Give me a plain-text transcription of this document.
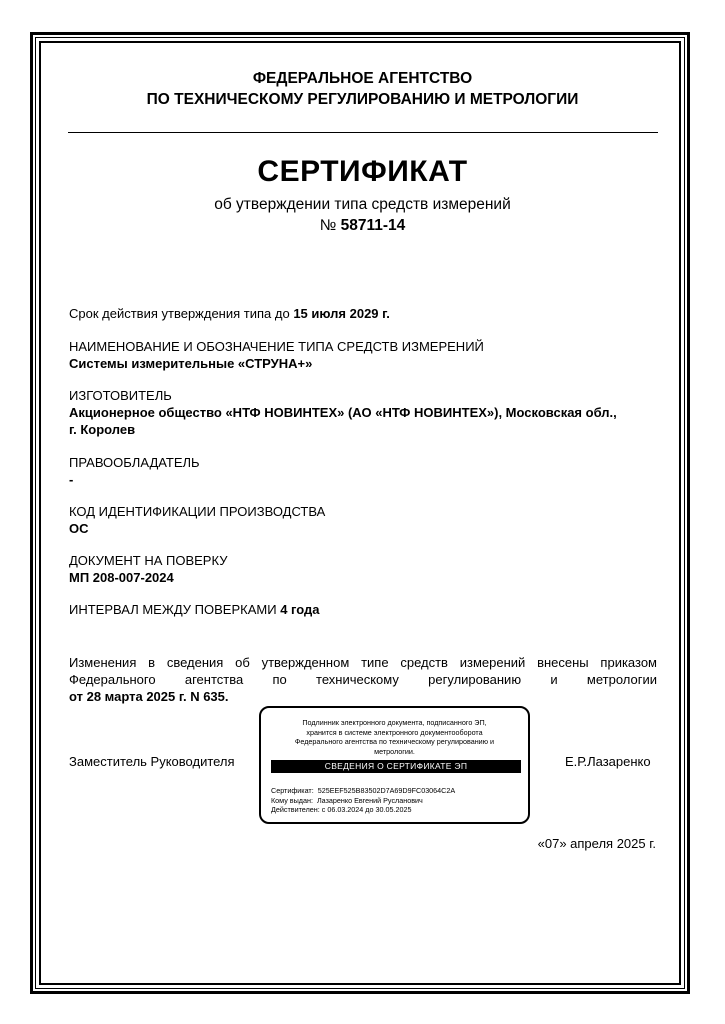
ФЕДЕРАЛЬНОЕ АГЕНТСТВО
ПО ТЕХНИЧЕСКОМУ РЕГУЛИРОВАНИЮ И МЕТРОЛОГИИ
СЕРТИФИКАТ
об утверждении типа средств измерений
№ 58711-14
Срок действия утверждения типа до 15 июля 2029 г.
НАИМЕНОВАНИЕ И ОБОЗНАЧЕНИЕ ТИПА СРЕДСТВ ИЗМЕРЕНИЙ
Системы измерительные «СТРУНА+»
ИЗГОТОВИТЕЛЬ
Акционерное общество «НТФ НОВИНТЕХ» (АО «НТФ НОВИНТЕХ»), Московская обл.,
г. Королев
ПРАВООБЛАДАТЕЛЬ
-
КОД ИДЕНТИФИКАЦИИ ПРОИЗВОДСТВА
ОС
ДОКУМЕНТ НА ПОВЕРКУ
МП 208-007-2024
ИНТЕРВАЛ МЕЖДУ ПОВЕРКАМИ 4 года
Изменения в сведения об утвержденном типе средств измерений внесены приказом
Федерального агентства по техническому регулированию и метрологии
от 28 марта 2025 г. N 635.
Заместитель Руководителя	Е.Р.Лазаренко
Подлинник электронного документа, подписанного ЭП,
хранится в системе электронного документооборота
Федерального агентства по техническому регулированию и
метрологии.
СВЕДЕНИЯ О СЕРТИФИКАТЕ ЭП
Сертификат: 525EEF525B83502D7A69D9FC03064C2A
Кому выдан: Лазаренко Евгений Русланович
Действителен: с 06.03.2024 до 30.05.2025
«07» апреля 2025 г.
